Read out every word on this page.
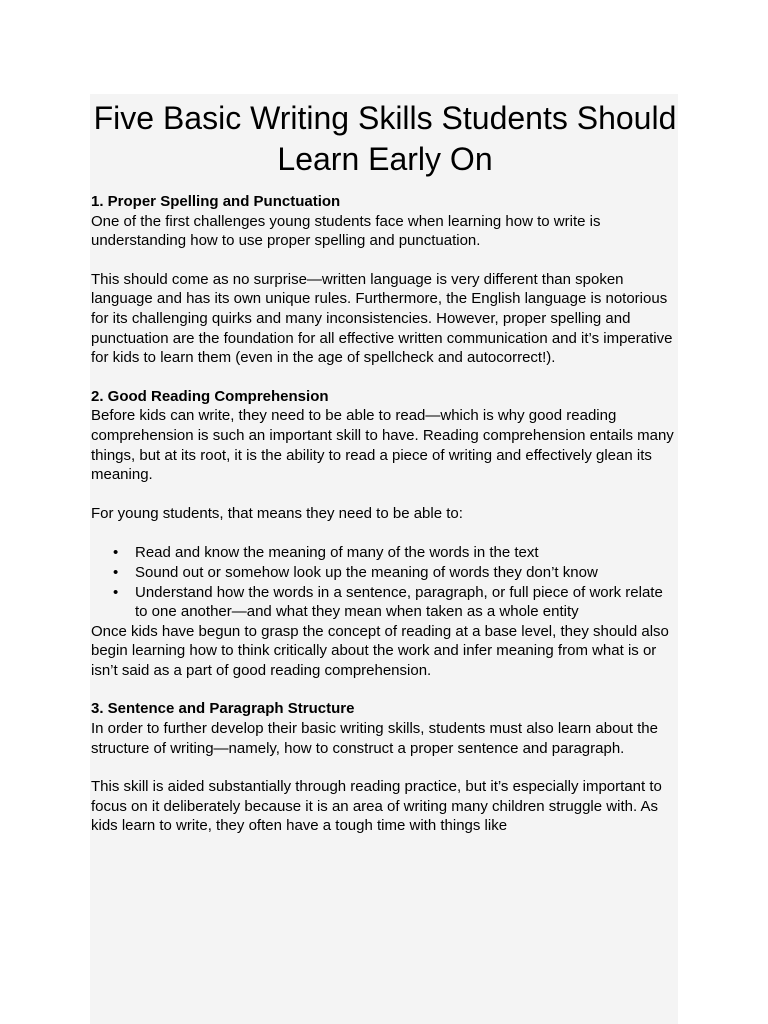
Five Basic Writing Skills Students Should Learn Early On
1. Proper Spelling and Punctuation

One of the first challenges young students face when learning how to write is understanding how to use proper spelling and punctuation.

This should come as no surprise—written language is very different than spoken language and has its own unique rules. Furthermore, the English language is notorious for its challenging quirks and many inconsistencies. However, proper spelling and punctuation are the foundation for all effective written communication and it’s imperative for kids to learn them (even in the age of spellcheck and autocorrect!).

2. Good Reading Comprehension

Before kids can write, they need to be able to read—which is why good reading comprehension is such an important skill to have. Reading comprehension entails many things, but at its root, it is the ability to read a piece of writing and effectively glean its meaning.

For young students, that means they need to be able to:

• Read and know the meaning of many of the words in the text
• Sound out or somehow look up the meaning of words they don’t know
• Understand how the words in a sentence, paragraph, or full piece of work relate to one another—and what they mean when taken as a whole entity

Once kids have begun to grasp the concept of reading at a base level, they should also begin learning how to think critically about the work and infer meaning from what is or isn’t said as a part of good reading comprehension.

3. Sentence and Paragraph Structure

In order to further develop their basic writing skills, students must also learn about the structure of writing—namely, how to construct a proper sentence and paragraph.

This skill is aided substantially through reading practice, but it’s especially important to focus on it deliberately because it is an area of writing many children struggle with. As kids learn to write, they often have a tough time with things like
